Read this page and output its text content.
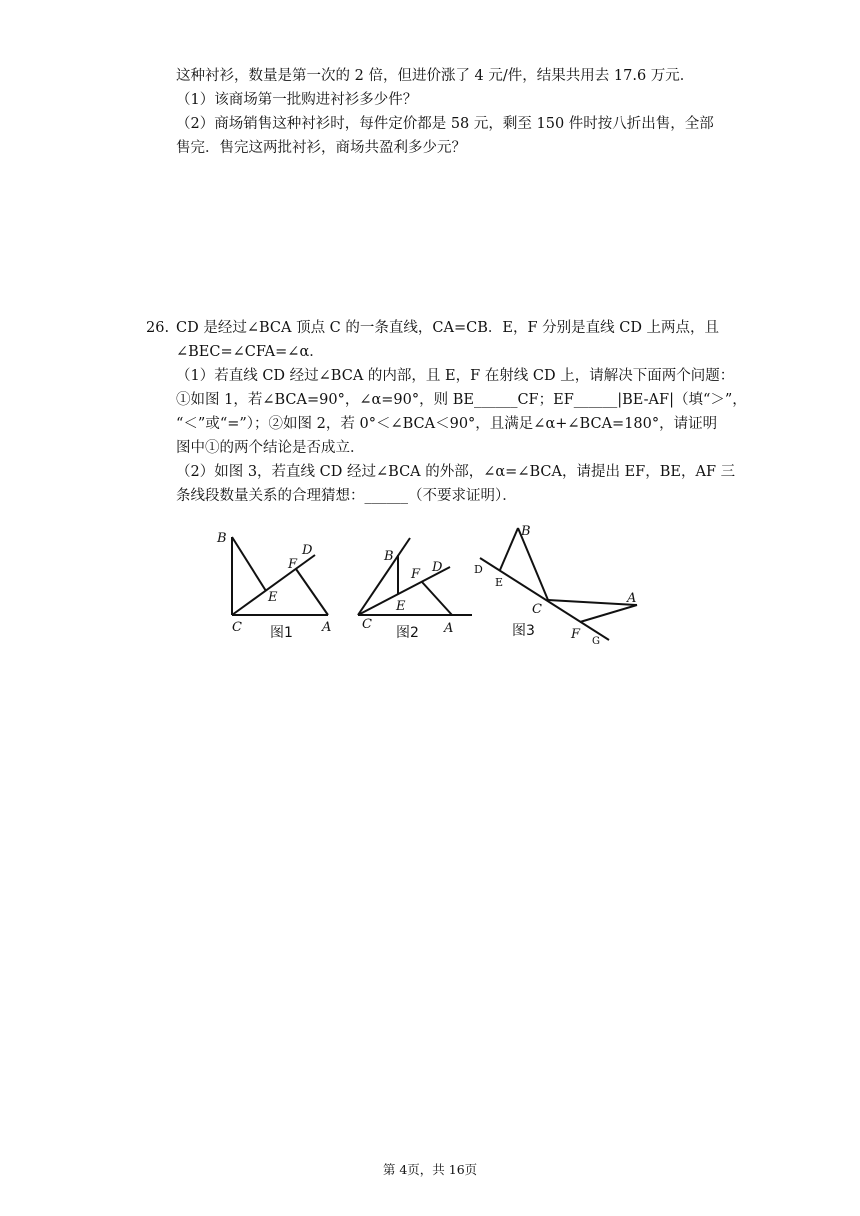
这种衬衫，数量是第一次的 2 倍，但进价涨了 4 元/件，结果共用去 17.6 万元．
（1）该商场第一批购进衬衫多少件？
（2）商场销售这种衬衫时，每件定价都是 58 元，剩至 150 件时按八折出售，全部
售完．售完这两批衬衫，商场共盈利多少元？
26. CD 是经过∠BCA 顶点 C 的一条直线，CA=CB．E，F 分别是直线 CD 上两点，且
∠BEC=∠CFA=∠α．
（1）若直线 CD 经过∠BCA 的内部，且 E，F 在射线 CD 上，请解决下面两个问题：
①如图 1，若∠BCA=90°，∠α=90°，则 BE______CF；EF______|BE-AF|（填“＞”，
“＜”或“=”）；②如图 2，若 0°＜∠BCA＜90°，且满足∠α+∠BCA=180°，请证明
图中①的两个结论是否成立．
（2）如图 3，若直线 CD 经过∠BCA 的外部，∠α=∠BCA，请提出 EF，BE，AF 三
条线段数量关系的合理猜想：______（不要求证明）．
B
F
D
E
C	A
图1
B
F D
E
C	A
图2
B
D
E
C
A
F G
图3
第 4页，共 16页
